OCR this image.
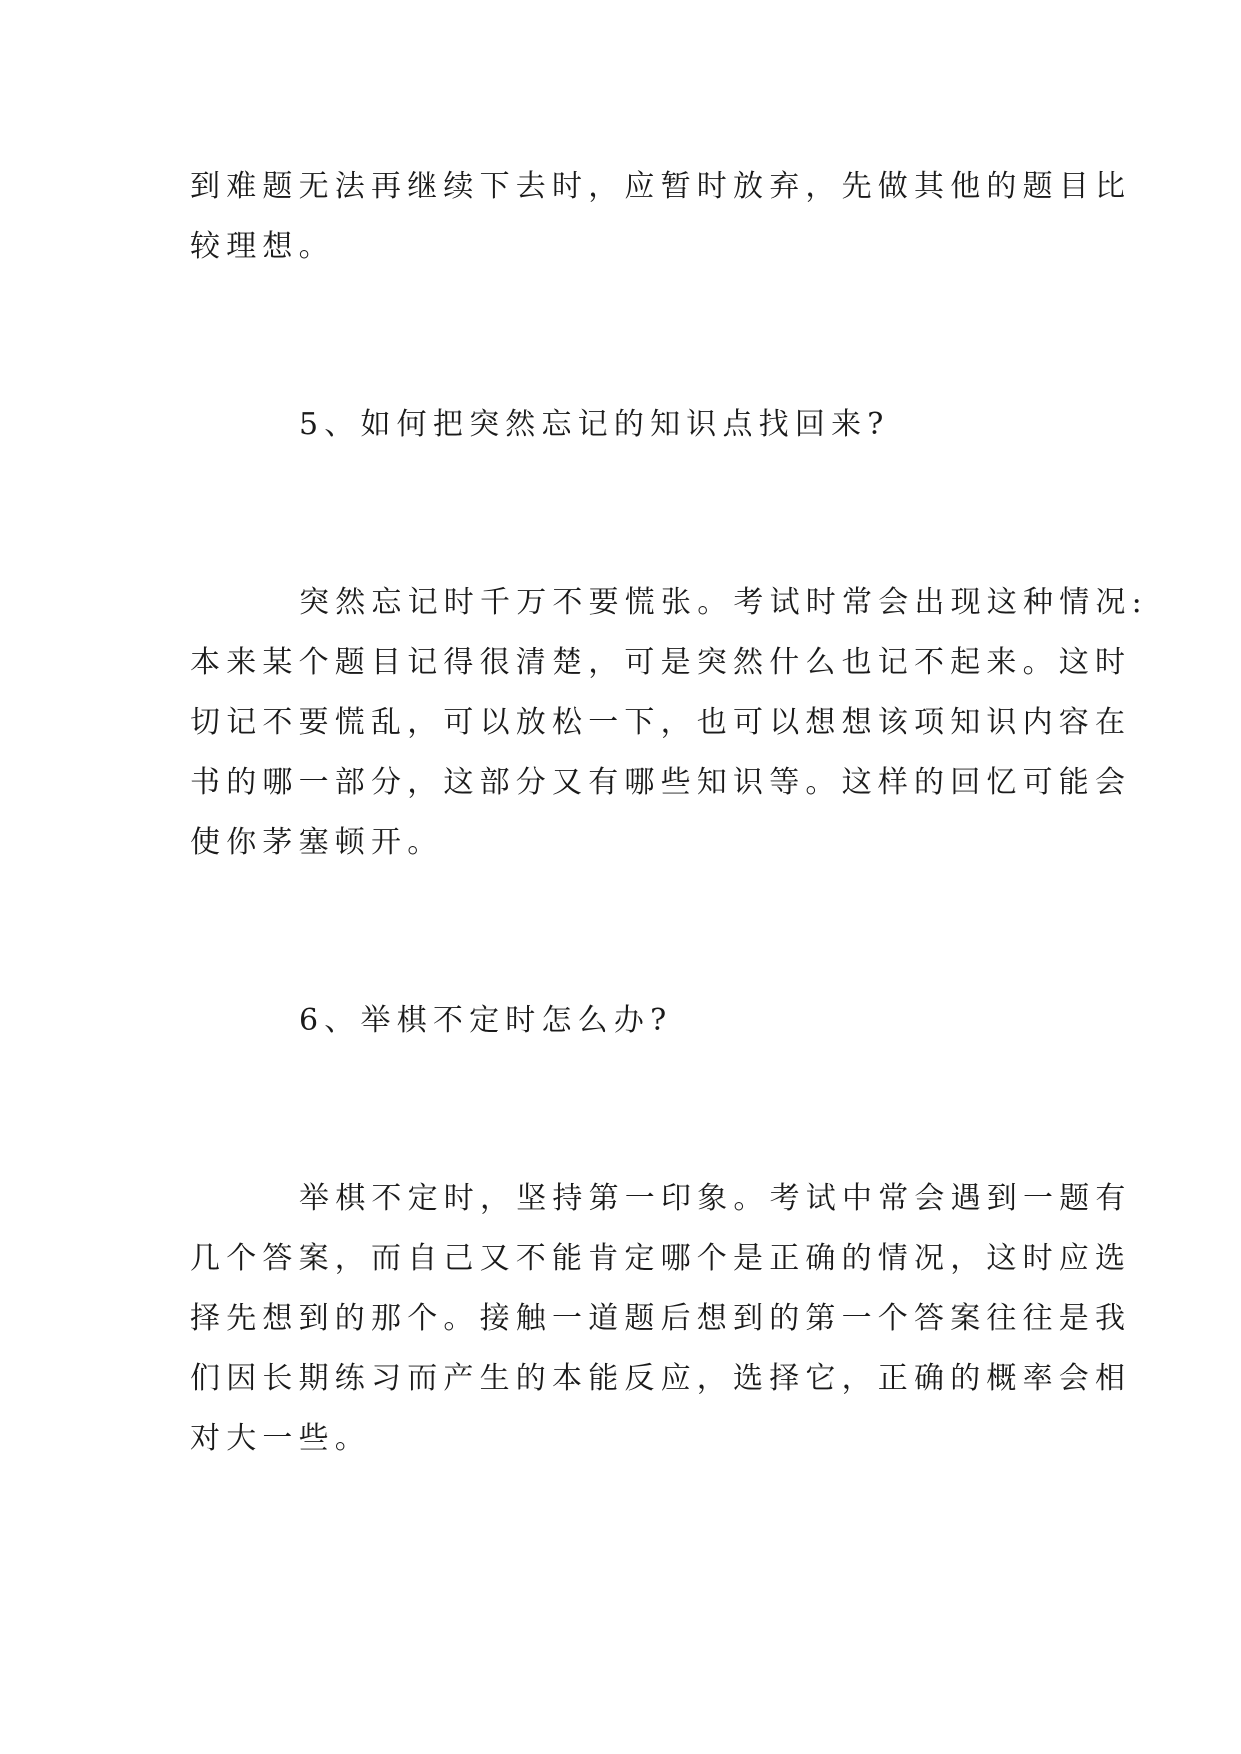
到难题无法再继续下去时，应暂时放弃，先做其他的题目比
较理想。
5、如何把突然忘记的知识点找回来?
突然忘记时千万不要慌张。考试时常会出现这种情况:
本来某个题目记得很清楚，可是突然什么也记不起来。这时
切记不要慌乱，可以放松一下，也可以想想该项知识内容在
书的哪一部分，这部分又有哪些知识等。这样的回忆可能会
使你茅塞顿开。
6、举棋不定时怎么办?
举棋不定时，坚持第一印象。考试中常会遇到一题有
几个答案，而自己又不能肯定哪个是正确的情况，这时应选
择先想到的那个。接触一道题后想到的第一个答案往往是我
们因长期练习而产生的本能反应，选择它，正确的概率会相
对大一些。
